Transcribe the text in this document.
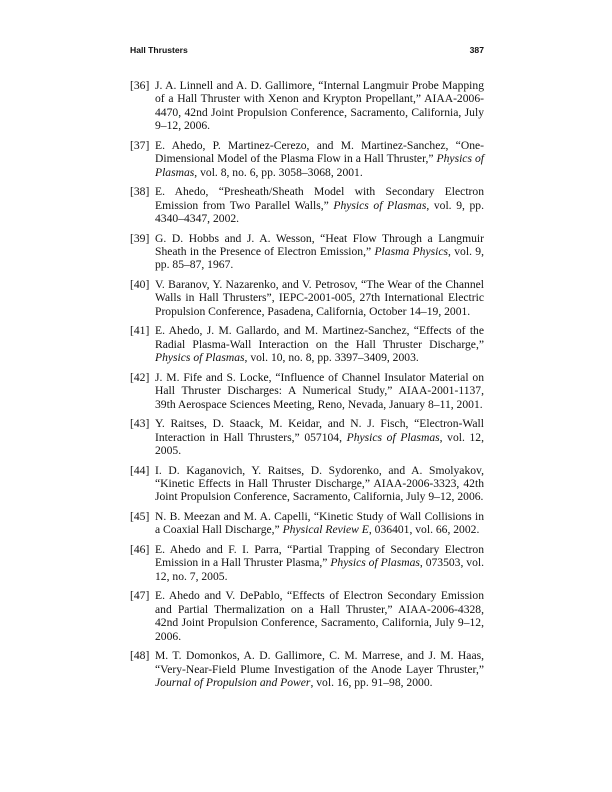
Hall Thrusters	387
[36] J. A. Linnell and A. D. Gallimore, “Internal Langmuir Probe Mapping of a Hall Thruster with Xenon and Krypton Propellant,” AIAA-2006-4470, 42nd Joint Propulsion Conference, Sacramento, California, July 9–12, 2006.
[37] E. Ahedo, P. Martinez-Cerezo, and M. Martinez-Sanchez, “One-Dimensional Model of the Plasma Flow in a Hall Thruster,” Physics of Plasmas, vol. 8, no. 6, pp. 3058–3068, 2001.
[38] E. Ahedo, “Presheath/Sheath Model with Secondary Electron Emission from Two Parallel Walls,” Physics of Plasmas, vol. 9, pp. 4340–4347, 2002.
[39] G. D. Hobbs and J. A. Wesson, “Heat Flow Through a Langmuir Sheath in the Presence of Electron Emission,” Plasma Physics, vol. 9, pp. 85–87, 1967.
[40] V. Baranov, Y. Nazarenko, and V. Petrosov, “The Wear of the Channel Walls in Hall Thrusters”, IEPC-2001-005, 27th International Electric Propulsion Conference, Pasadena, California, October 14–19, 2001.
[41] E. Ahedo, J. M. Gallardo, and M. Martinez-Sanchez, “Effects of the Radial Plasma-Wall Interaction on the Hall Thruster Discharge,” Physics of Plasmas, vol. 10, no. 8, pp. 3397–3409, 2003.
[42] J. M. Fife and S. Locke, “Influence of Channel Insulator Material on Hall Thruster Discharges: A Numerical Study,” AIAA-2001-1137, 39th Aerospace Sciences Meeting, Reno, Nevada, January 8–11, 2001.
[43] Y. Raitses, D. Staack, M. Keidar, and N. J. Fisch, “Electron-Wall Interaction in Hall Thrusters,” 057104, Physics of Plasmas, vol. 12, 2005.
[44] I. D. Kaganovich, Y. Raitses, D. Sydorenko, and A. Smolyakov, “Kinetic Effects in Hall Thruster Discharge,” AIAA-2006-3323, 42th Joint Propulsion Conference, Sacramento, California, July 9–12, 2006.
[45] N. B. Meezan and M. A. Capelli, “Kinetic Study of Wall Collisions in a Coaxial Hall Discharge,” Physical Review E, 036401, vol. 66, 2002.
[46] E. Ahedo and F. I. Parra, “Partial Trapping of Secondary Electron Emission in a Hall Thruster Plasma,” Physics of Plasmas, 073503, vol. 12, no. 7, 2005.
[47] E. Ahedo and V. DePablo, “Effects of Electron Secondary Emission and Partial Thermalization on a Hall Thruster,” AIAA-2006-4328, 42nd Joint Propulsion Conference, Sacramento, California, July 9–12, 2006.
[48] M. T. Domonkos, A. D. Gallimore, C. M. Marrese, and J. M. Haas, “Very-Near-Field Plume Investigation of the Anode Layer Thruster,” Journal of Propulsion and Power, vol. 16, pp. 91–98, 2000.
